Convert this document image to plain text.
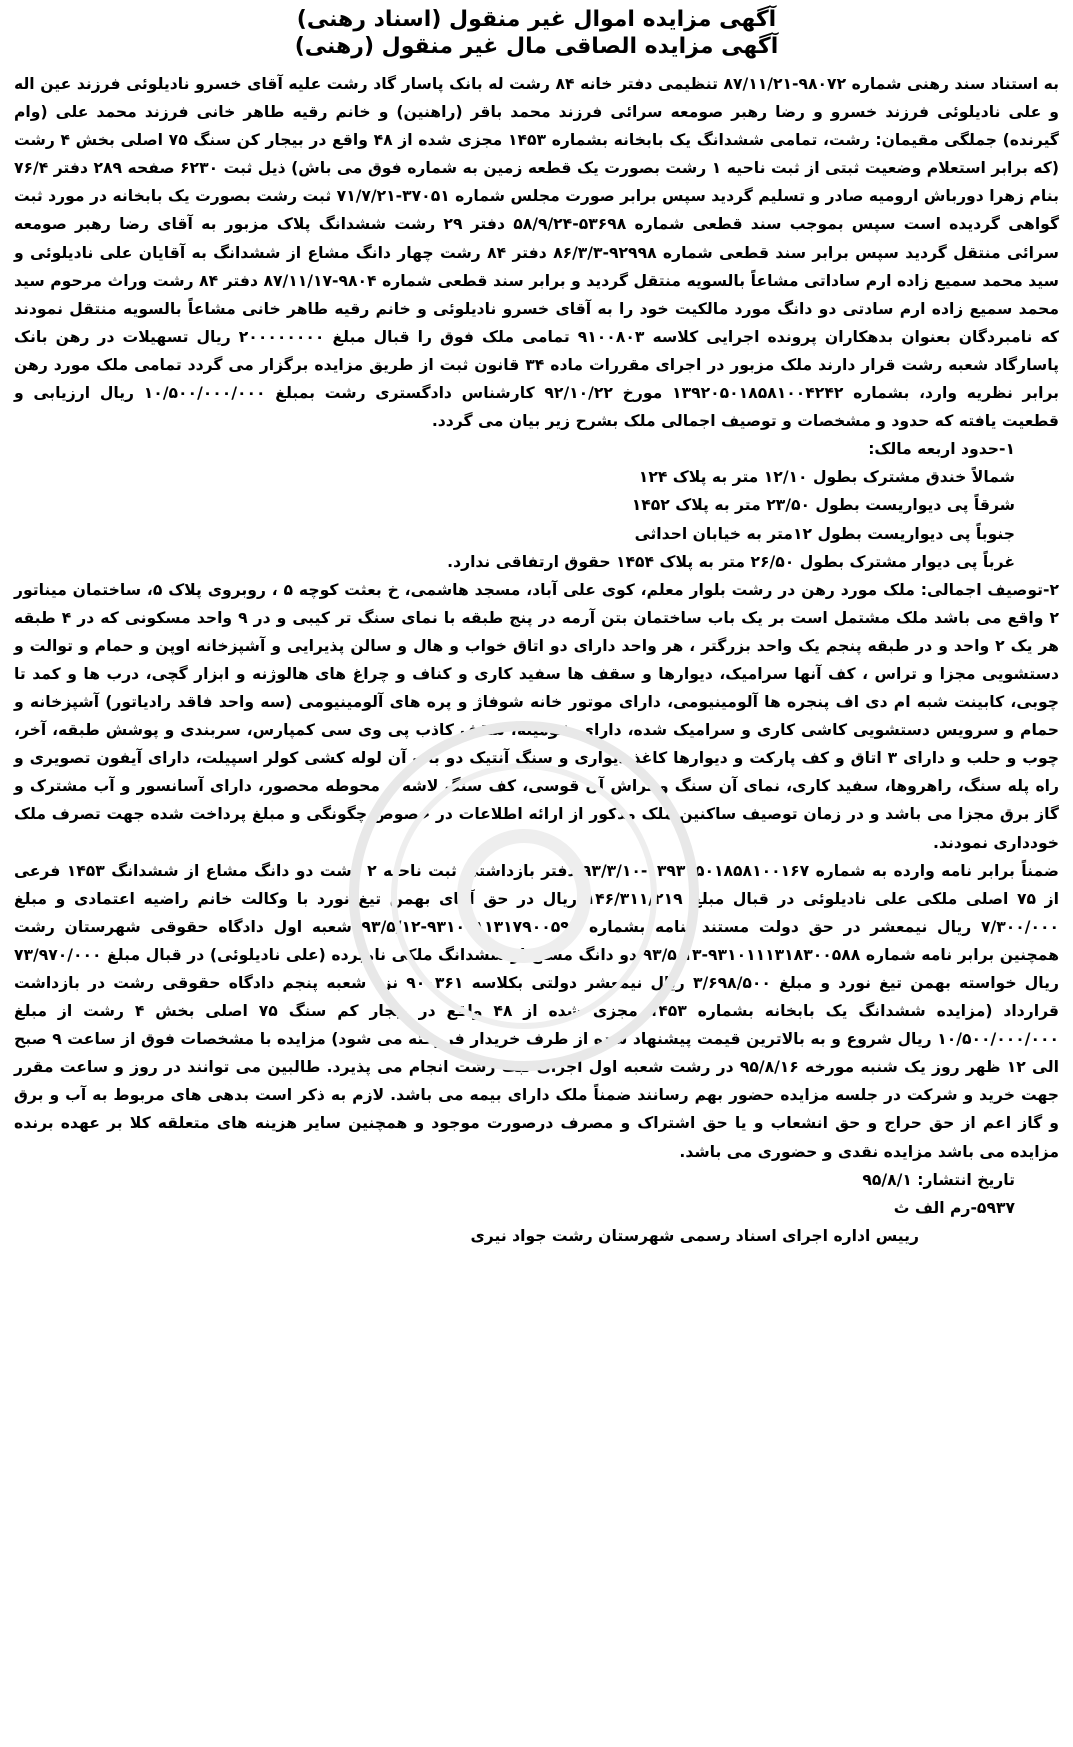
آگهی مزایده اموال غیر منقول (اسناد رهنی)

آگهی مزایده الصاقی مال غیر منقول (رهنی)

به استناد سند رهنی شماره ۹۸۰۷۲-۸۷/۱۱/۲۱ تنظیمی دفتر خانه ۸۴ رشت له بانک پاسار گاد رشت علیه آقای خسرو نادیلوئی فرزند عین اله و علی نادیلوئی فرزند خسرو و رضا رهبر صومعه سرائی فرزند محمد باقر (راهنین) و خانم رقیه طاهر خانی فرزند محمد علی (وام گیرنده) جملگی مقیمان: رشت، تمامی ششدانگ یک بابخانه بشماره ۱۴۵۳ مجزی شده از ۴۸ واقع در بیجار کن سنگ ۷۵ اصلی بخش ۴ رشت (که برابر استعلام وضعیت ثبتی از ثبت ناحیه ۱ رشت بصورت یک قطعه زمین به شماره فوق می باش) ذیل ثبت ۶۲۳۰ صفحه ۲۸۹ دفتر ۷۶/۴ بنام زهرا دورباش ارومیه صادر و تسلیم گردید سپس برابر صورت مجلس شماره ۳۷۰۵۱-۷۱/۷/۲۱ ثبت رشت بصورت یک بابخانه در مورد ثبت گواهی گردیده است سپس بموجب سند قطعی شماره ۵۳۶۹۸-۵۸/۹/۲۴ دفتر ۲۹ رشت ششدانگ پلاک مزبور به آقای رضا رهبر صومعه سرائی منتقل گردید سپس برابر سند قطعی شماره ۹۲۹۹۸-۸۶/۳/۳ دفتر ۸۴ رشت چهار دانگ مشاع از ششدانگ به آقایان علی نادیلوئی و سید محمد سمیع زاده ارم ساداتی مشاعاً بالسویه منتقل گردید و برابر سند قطعی شماره ۹۸۰۴-۸۷/۱۱/۱۷ دفتر ۸۴ رشت وراث مرحوم سید محمد سمیع زاده ارم سادتی دو دانگ مورد مالکیت خود را به آقای خسرو نادیلوئی و خانم رقیه طاهر خانی مشاعاً بالسویه منتقل نمودند که نامبردگان بعنوان بدهکاران پرونده اجرایی کلاسه ۹۱۰۰۸۰۳ تمامی ملک فوق را قبال مبلغ ۲۰۰۰۰۰۰۰۰ ریال تسهیلات در رهن بانک پاسارگاد شعبه رشت قرار دارند ملک مزبور در اجرای مقررات ماده ۳۴ قانون ثبت از طریق مزایده برگزار می گردد تمامی ملک مورد رهن برابر نظریه وارد، بشماره ۱۳۹۲۰۵۰۱۸۵۸۱۰۰۴۲۴۲ مورخ ۹۲/۱۰/۲۲ کارشناس دادگستری رشت بمبلغ ۱۰/۵۰۰/۰۰۰/۰۰۰ ریال ارزیابی و قطعیت یافته که حدود و مشخصات و توصیف اجمالی ملک بشرح زیر بیان می گردد.

۱-حدود اربعه مالک:

شمالاً خندق مشترک بطول ۱۲/۱۰ متر به پلاک ۱۲۴

شرقاً پی دیواریست بطول ۲۳/۵۰ متر به پلاک ۱۴۵۲

جنوباً پی دیواریست بطول ۱۲متر به خیابان احداثی

غرباً پی دیوار مشترک بطول ۲۶/۵۰ متر به پلاک ۱۴۵۴ حقوق ارتفاقی ندارد.

۲-توصیف اجمالی: ملک مورد رهن در رشت بلوار معلم، کوی علی آباد، مسجد هاشمی، خ بعثت کوچه ۵ ، روبروی پلاک ۵، ساختمان میناتور ۲ واقع می باشد ملک مشتمل است بر یک باب ساختمان بتن آرمه در پنج طبقه با نمای سنگ تر کیبی و در ۹ واحد مسکونی که در ۴ طبقه هر یک ۲ واحد و در طبقه پنجم یک واحد بزرگتر ، هر واحد دارای دو اتاق خواب و هال و سالن پذیرایی و آشپزخانه اوپن و حمام و توالت و دستشویی مجزا و تراس ، کف آنها سرامیک، دیوارها و سقف ها سفید کاری و کناف و چراغ های هالوژنه و ابزار گچی، درب ها و کمد تا چوبی، کابینت شبه ام دی اف پنجره ها آلومینیومی، دارای موتور خانه شوفاژ و پره های آلومینیومی (سه واحد فاقد رادیاتور) آشپزخانه و حمام و سرویس دستشویی کاشی کاری و سرامیک شده، دارای شومینه، سقف کاذب پی وی سی کمپارس، سربندی و پوشش طبقه، آخر، چوب و حلب و دارای ۳ اتاق و کف پارکت و دیوارها کاغذ دیواری و سنگ آنتیک دو باب آن لوله کشی کولر اسپیلت، دارای آیفون تصویری و راه پله سنگ، راهروها، سفید کاری، نمای آن سنگ و تراش آن قوسی، کف سنگ لاشه و محوطه محصور، دارای آسانسور و آب مشترک و گاز برق مجزا می باشد و در زمان توصیف ساکنین ملک مذکور از ارائه اطلاعات در خصوص چگونگی و مبلغ پرداخت شده جهت تصرف ملک خودداری نمودند.

ضمناً برابر نامه وارده به شماره ۱۳۹۳۰۵۰۱۸۵۸۱۰۰۱۶۷-۹۳/۳/۱۰ دفتر بازداشتی ثبت ناحیه ۲ رشت دو دانگ مشاع از ششدانگ ۱۴۵۳ فرعی از ۷۵ اصلی ملکی علی نادیلوئی در قبال مبلغ ۱۴۶/۳۱۱/۲۱۹ ریال در حق آقای بهمن تیغ نورد با وکالت خانم راضیه اعتمادی و مبلغ ۷/۳۰۰/۰۰۰ ریال نیمعشر در حق دولت مستند بنامه بشماره ۹۳۱۰۱۱۱۳۱۷۹۰۰۵۹۳-۹۳/۵/۱۲ شعبه اول دادگاه حقوقی شهرستان رشت همچنین برابر نامه شماره ۹۳۱۰۱۱۱۳۱۸۳۰۰۵۸۸-۹۳/۵/۱۳ دو دانگ مشاع از ششدانگ ملکی نامبرده (علی نادیلوئی) در قبال مبلغ ۷۳/۹۷۰/۰۰۰ ریال خواسته بهمن تیغ نورد و مبلغ ۳/۶۹۸/۵۰۰ ریال نیمعشر دولتی بکلاسه ۹۰۰۳۶۱ نزد شعبه پنجم دادگاه حقوقی رشت در بازداشت قرارداد (مزایده ششدانگ یک بابخانه بشماره ۱۴۵۳ مجزی شده از ۴۸ واقع در بیجار کم سنگ ۷۵ اصلی بخش ۴ رشت از مبلغ ۱۰/۵۰۰/۰۰۰/۰۰۰ ریال شروع و به بالاترین قیمت پیشنهاد شده از طرف خریدار فروخته می شود) مزایده با مشخصات فوق از ساعت ۹ صبح الی ۱۲ ظهر روز یک شنبه مورخه ۹۵/۸/۱۶ در رشت شعبه اول اجرای ثبت رشت انجام می پذیرد. طالبین می توانند در روز و ساعت مقرر جهت خرید و شرکت در جلسه مزایده حضور بهم رسانند ضمناً ملک دارای بیمه می باشد. لازم به ذکر است بدهی های مربوط به آب و برق و گاز اعم از حق حراج و حق انشعاب و یا حق اشتراک و مصرف درصورت موجود و همچنین سایر هزینه های متعلقه کلا بر عهده برنده مزایده می باشد مزایده نقدی و حضوری می باشد.

تاریخ انتشار: ۹۵/۸/۱
۵۹۳۷-رم الف ث
رییس اداره اجرای اسناد رسمی شهرستان رشت جواد نیری
